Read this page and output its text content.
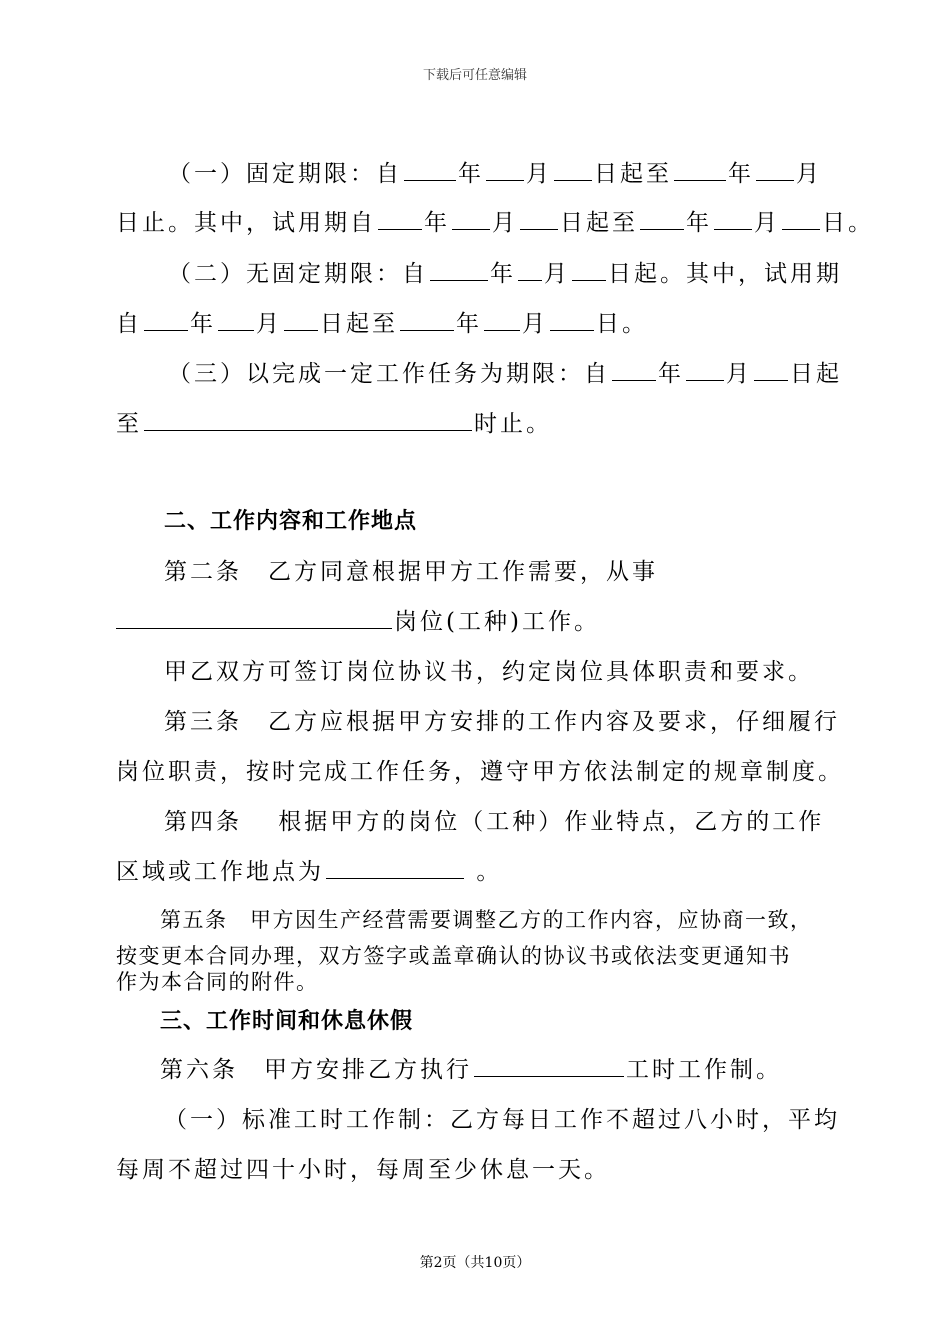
下载后可任意编辑
（一）固定期限：自 年 月 日起至 年 月
日止。其中，试用期自 年 月 日起至 年 月 日。
（二）无固定期限：自	年 月 日起。其中，试用期
自 年 月 日起至	年 月 日。
（三）以完成一定工作任务为期限：自 年 月 日起
至	时止。
二、工作内容和工作地点
第二条　乙方同意根据甲方工作需要，从事
岗位(工种)工作。
甲乙双方可签订岗位协议书，约定岗位具体职责和要求。
第三条　乙方应根据甲方安排的工作内容及要求，仔细履行
岗位职责，按时完成工作任务，遵守甲方依法制定的规章制度。
第四条　 根据甲方的岗位（工种）作业特点，乙方的工作
区域或工作地点为	。
第五条　甲方因生产经营需要调整乙方的工作内容，应协商一致，
按变更本合同办理，双方签字或盖章确认的协议书或依法变更通知书
作为本合同的附件。
三、工作时间和休息休假
第六条　甲方安排乙方执行	工时工作制。
（一）标准工时工作制：乙方每日工作不超过八小时，平均
每周不超过四十小时，每周至少休息一天。
第2页（共10页）
